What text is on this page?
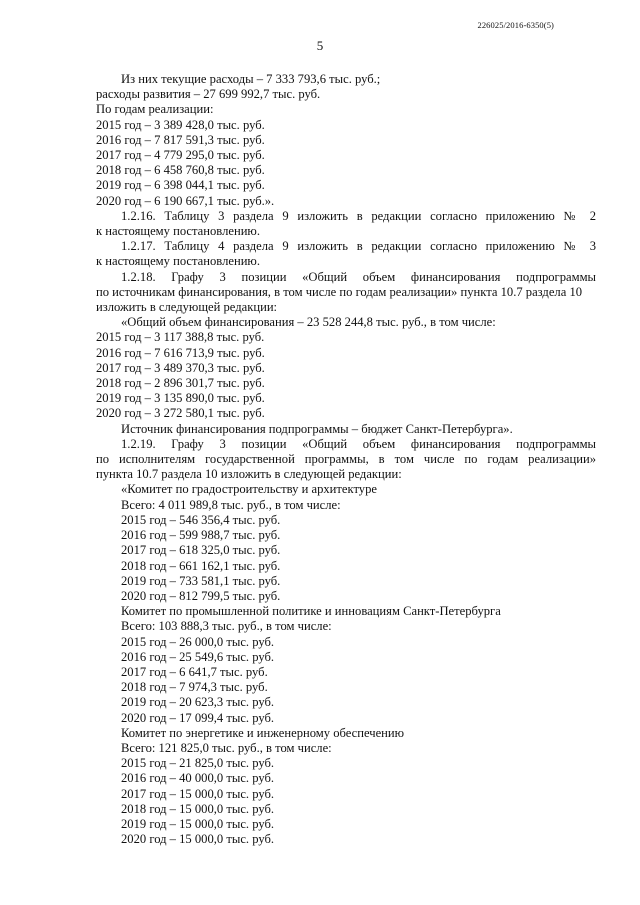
226025/2016-6350(5)
5
Из них текущие расходы – 7 333 793,6 тыс. руб.;
расходы развития – 27 699 992,7 тыс. руб.
По годам реализации:
2015 год – 3 389 428,0 тыс. руб.
2016 год – 7 817 591,3 тыс. руб.
2017 год – 4 779 295,0 тыс. руб.
2018 год – 6 458 760,8 тыс. руб.
2019 год – 6 398 044,1 тыс. руб.
2020 год – 6 190 667,1 тыс. руб.».
1.2.16. Таблицу 3 раздела 9 изложить в редакции согласно приложению № 2
к настоящему постановлению.
1.2.17. Таблицу 4 раздела 9 изложить в редакции согласно приложению № 3
к настоящему постановлению.
1.2.18. Графу 3 позиции «Общий объем финансирования подпрограммы
по источникам финансирования, в том числе по годам реализации» пункта 10.7 раздела 10
изложить в следующей редакции:
«Общий объем финансирования – 23 528 244,8 тыс. руб., в том числе:
2015 год – 3 117 388,8 тыс. руб.
2016 год – 7 616 713,9 тыс. руб.
2017 год – 3 489 370,3 тыс. руб.
2018 год – 2 896 301,7 тыс. руб.
2019 год – 3 135 890,0 тыс. руб.
2020 год – 3 272 580,1 тыс. руб.
Источник финансирования подпрограммы – бюджет Санкт-Петербурга».
1.2.19. Графу 3 позиции «Общий объем финансирования подпрограммы
по исполнителям государственной программы, в том числе по годам реализации»
пункта 10.7 раздела 10 изложить в следующей редакции:
«Комитет по градостроительству и архитектуре
Всего: 4 011 989,8 тыс. руб., в том числе:
2015 год – 546 356,4 тыс. руб.
2016 год – 599 988,7 тыс. руб.
2017 год – 618 325,0 тыс. руб.
2018 год – 661 162,1 тыс. руб.
2019 год – 733 581,1 тыс. руб.
2020 год – 812 799,5 тыс. руб.
Комитет по промышленной политике и инновациям Санкт-Петербурга
Всего: 103 888,3 тыс. руб., в том числе:
2015 год – 26 000,0 тыс. руб.
2016 год – 25 549,6 тыс. руб.
2017 год – 6 641,7 тыс. руб.
2018 год – 7 974,3 тыс. руб.
2019 год – 20 623,3 тыс. руб.
2020 год – 17 099,4 тыс. руб.
Комитет по энергетике и инженерному обеспечению
Всего: 121 825,0 тыс. руб., в том числе:
2015 год – 21 825,0 тыс. руб.
2016 год – 40 000,0 тыс. руб.
2017 год – 15 000,0 тыс. руб.
2018 год – 15 000,0 тыс. руб.
2019 год – 15 000,0 тыс. руб.
2020 год – 15 000,0 тыс. руб.
